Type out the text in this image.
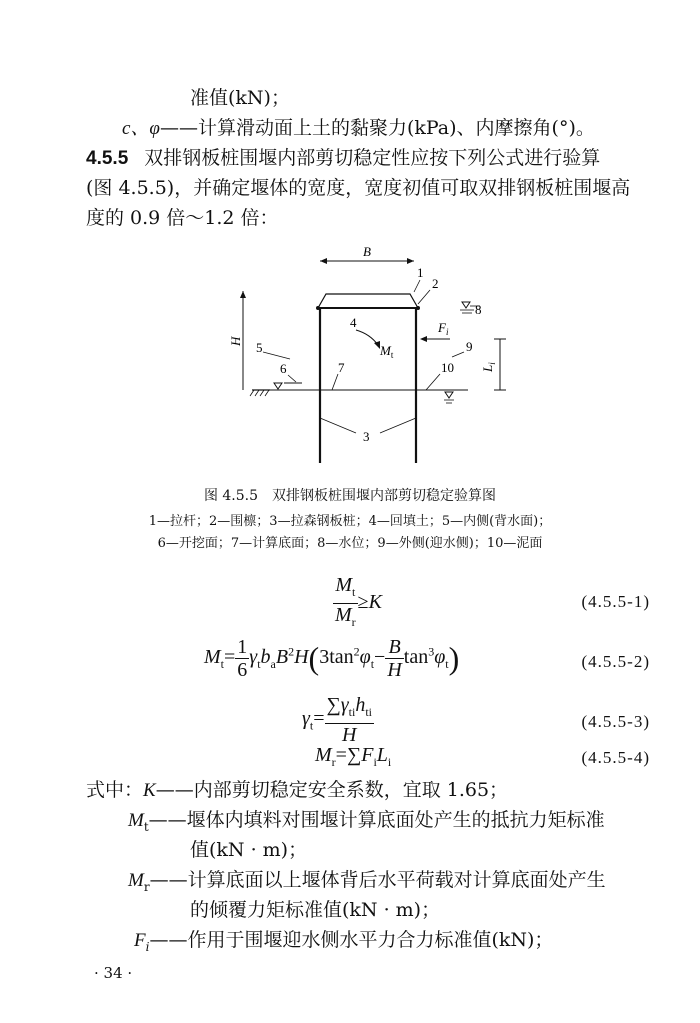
准值(kN)；
c、φ——计算滑动面上土的黏聚力(kPa)、内摩擦角(°)。
4.5.5 双排钢板桩围堰内部剪切稳定性应按下列公式进行验算
(图 4.5.5)，并确定堰体的宽度，宽度初值可取双排钢板桩围堰高
度的 0.9 倍～1.2 倍：
B
H
1
2
3
4
5
6	7
8
9
10
$M_t$
$F_i$
$L_i$
图 4.5.5　双排钢板桩围堰内部剪切稳定验算图
1—拉杆；2—围檩；3—拉森钢板桩；4—回填土；5—内侧(背水面)；
6—开挖面；7—计算底面；8—水位；9—外侧(迎水侧)；10—泥面
$\frac{M_t}{M_r} \ge K$	(4.5.5-1)
$M_t= \frac{1}{6} \gamma_tb_aB^2H(3\tan^2\varphi_t- \frac{B}{H} \tan^3\varphi_t)$	(4.5.5-2)
$\gamma_t= \frac{\sum\gamma_{ti}h_{ti}}{H}$	(4.5.5-3)
$M_r=\sum F_iL_i$	(4.5.5-4)
式中：K——内部剪切稳定安全系数，宜取 1.65；
$M_t——$堰体内填料对围堰计算底面处产生的抵抗力矩标准
值(kN · m)；
$M_r——$计算底面以上堰体背后水平荷载对计算底面处产生
的倾覆力矩标准值(kN · m)；
$F_i——$作用于围堰迎水侧水平力合力标准值(kN)；
· 34 ·
